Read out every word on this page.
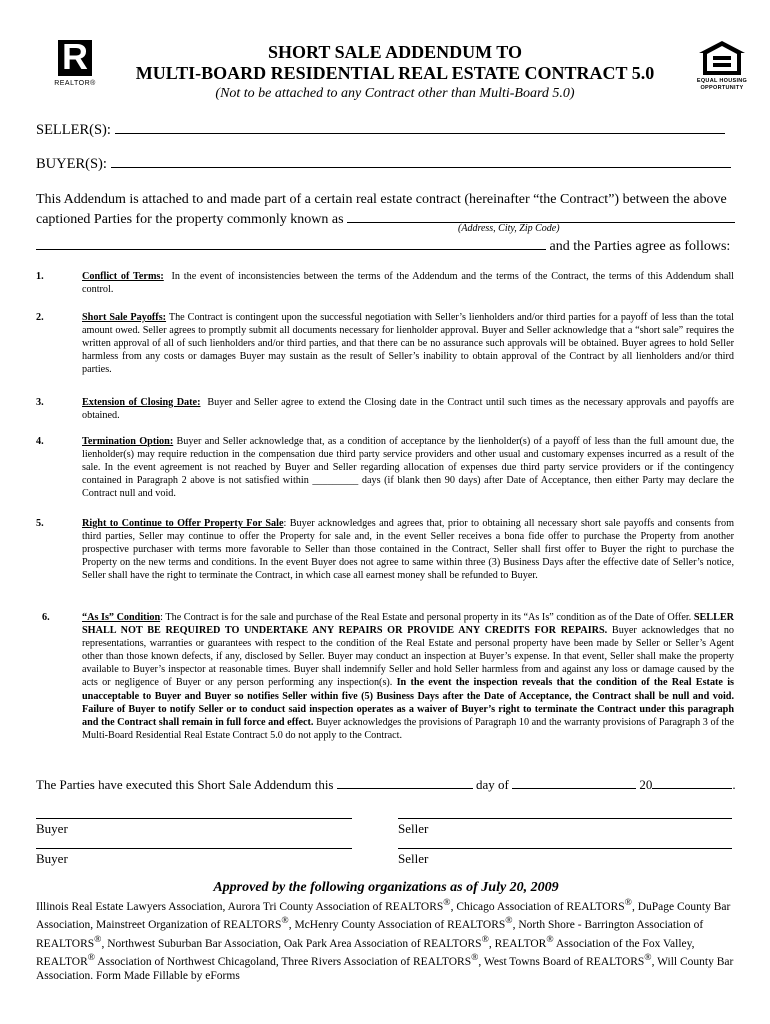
R
REALTOR®	EQUAL HOUSING
OPPORTUNITY
SHORT SALE ADDENDUM TO
MULTI-BOARD RESIDENTIAL REAL ESTATE CONTRACT 5.0
(Not to be attached to any Contract other than Multi-Board 5.0)
SELLER(S):
BUYER(S):
This Addendum is attached to and made part of a certain real estate contract (hereinafter “the Contract”) between the above captioned Parties for the property commonly known as
(Address, City, Zip Code)
and the Parties agree as follows:
1.	Conflict of Terms: In the event of inconsistencies between the terms of the Addendum and the terms of the Contract, the terms of this Addendum shall control.
2.	Short Sale Payoffs: The Contract is contingent upon the successful negotiation with Seller’s lienholders and/or third parties for a payoff of less than the total amount owed. Seller agrees to promptly submit all documents necessary for lienholder approval. Buyer and Seller acknowledge that a “short sale” requires the written approval of all of such lienholders and/or third parties, and that there can be no assurance such approvals will be obtained. Buyer agrees to hold Seller harmless from any costs or damages Buyer may sustain as the result of Seller’s inability to obtain approval of the Contract by all lienholders and/or third parties.
3.	Extension of Closing Date: Buyer and Seller agree to extend the Closing date in the Contract until such times as the necessary approvals and payoffs are obtained.
4.	Termination Option: Buyer and Seller acknowledge that, as a condition of acceptance by the lienholder(s) of a payoff of less than the full amount due, the lienholder(s) may require reduction in the compensation due third party service providers and other usual and customary expenses incurred as a result of the sale. In the event agreement is not reached by Buyer and Seller regarding allocation of expenses due third party service providers or if the contingency contained in Paragraph 2 above is not satisfied within _________ days (if blank then 90 days) after Date of Acceptance, then either Party may declare the Contract null and void.
5.	Right to Continue to Offer Property For Sale: Buyer acknowledges and agrees that, prior to obtaining all necessary short sale payoffs and consents from third parties, Seller may continue to offer the Property for sale and, in the event Seller receives a bona fide offer to purchase the Property from another prospective purchaser with terms more favorable to Seller than those contained in the Contract, Seller shall first offer to Buyer the right to purchase the Property on the new terms and conditions. In the event Buyer does not agree to same within three (3) Business Days after the effective date of Seller’s notice, Seller shall have the right to terminate the Contract, in which case all earnest money shall be refunded to Buyer.
6.	“As Is” Condition: The Contract is for the sale and purchase of the Real Estate and personal property in its “As Is” condition as of the Date of Offer. SELLER SHALL NOT BE REQUIRED TO UNDERTAKE ANY REPAIRS OR PROVIDE ANY CREDITS FOR REPAIRS. Buyer acknowledges that no representations, warranties or guarantees with respect to the condition of the Real Estate and personal property have been made by Seller or Seller’s Agent other than those known defects, if any, disclosed by Seller. Buyer may conduct an inspection at Buyer’s expense. In that event, Seller shall make the property available to Buyer’s inspector at reasonable times. Buyer shall indemnify Seller and hold Seller harmless from and against any loss or damage caused by the acts or negligence of Buyer or any person performing any inspection(s). In the event the inspection reveals that the condition of the Real Estate is unacceptable to Buyer and Buyer so notifies Seller within five (5) Business Days after the Date of Acceptance, the Contract shall be null and void. Failure of Buyer to notify Seller or to conduct said inspection operates as a waiver of Buyer’s right to terminate the Contract under this paragraph and the Contract shall remain in full force and effect. Buyer acknowledges the provisions of Paragraph 10 and the warranty provisions of Paragraph 3 of the Multi-Board Residential Real Estate Contract 5.0 do not apply to the Contract.
The Parties have executed this Short Sale Addendum this	day of	20	.
Buyer	Seller
Buyer	Seller
Approved by the following organizations as of July 20, 2009
Illinois Real Estate Lawyers Association, Aurora Tri County Association of REALTORS®, Chicago Association of REALTORS®, DuPage County Bar Association, Mainstreet Organization of REALTORS®, McHenry County Association of REALTORS®, North Shore - Barrington Association of REALTORS®, Northwest Suburban Bar Association, Oak Park Area Association of REALTORS®, REALTOR® Association of the Fox Valley, REALTOR® Association of Northwest Chicagoland, Three Rivers Association of REALTORS®, West Towns Board of REALTORS®, Will County Bar Association. Form Made Fillable by eForms
